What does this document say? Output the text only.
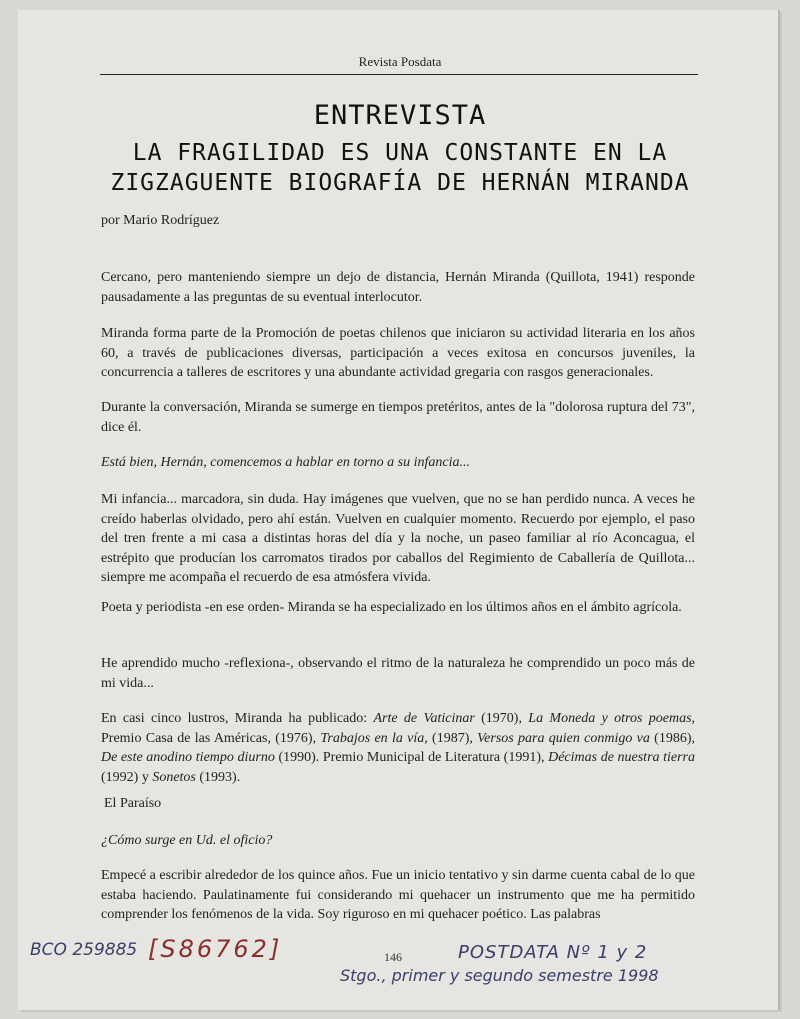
Revista Posdata
ENTREVISTA
LA FRAGILIDAD ES UNA CONSTANTE EN LA
ZIGZAGUENTE BIOGRAFÍA DE HERNÁN MIRANDA
por Mario Rodríguez
Cercano, pero manteniendo siempre un dejo de distancia, Hernán Miranda (Quillota, 1941) responde pausadamente a las preguntas de su eventual interlocutor.
Miranda forma parte de la Promoción de poetas chilenos que iniciaron su actividad literaria en los años 60, a través de publicaciones diversas, participación a veces exitosa en concursos juveniles, la concurrencia a talleres de escritores y una abundante actividad gregaria con rasgos generacionales.
Durante la conversación, Miranda se sumerge en tiempos pretéritos, antes de la "dolorosa ruptura del 73", dice él.
Está bien, Hernán, comencemos a hablar en torno a su infancia...
Mi infancia... marcadora, sin duda. Hay imágenes que vuelven, que no se han perdido nunca. A veces he creído haberlas olvidado, pero ahí están. Vuelven en cualquier momento. Recuerdo por ejemplo, el paso del tren frente a mi casa a distintas horas del día y la noche, un paseo familiar al río Aconcagua, el estrépito que producían los carromatos tirados por caballos del Regimiento de Caballería de Quillota... siempre me acompaña el recuerdo de esa atmósfera vivida.
Poeta y periodista -en ese orden- Miranda se ha especializado en los últimos años en el ámbito agrícola.
He aprendido mucho -reflexiona-, observando el ritmo de la naturaleza he comprendido un poco más de mi vida...
En casi cinco lustros, Miranda ha publicado: Arte de Vaticinar (1970), La Moneda y otros poemas, Premio Casa de las Américas, (1976), Trabajos en la vía, (1987), Versos para quien conmigo va (1986), De este anodino tiempo diurno (1990). Premio Municipal de Literatura (1991), Décimas de nuestra tierra (1992) y Sonetos (1993).
El Paraíso
¿Cómo surge en Ud. el oficio?
Empecé a escribir alrededor de los quince años. Fue un inicio tentativo y sin darme cuenta cabal de lo que estaba haciendo. Paulatinamente fui considerando mi quehacer un instrumento que me ha permitido comprender los fenómenos de la vida. Soy riguroso en mi quehacer poético. Las palabras
146
BCO 259885 [S86762]	POSTDATA Nº 1 y 2
Stgo., primer y segundo semestre 1998
